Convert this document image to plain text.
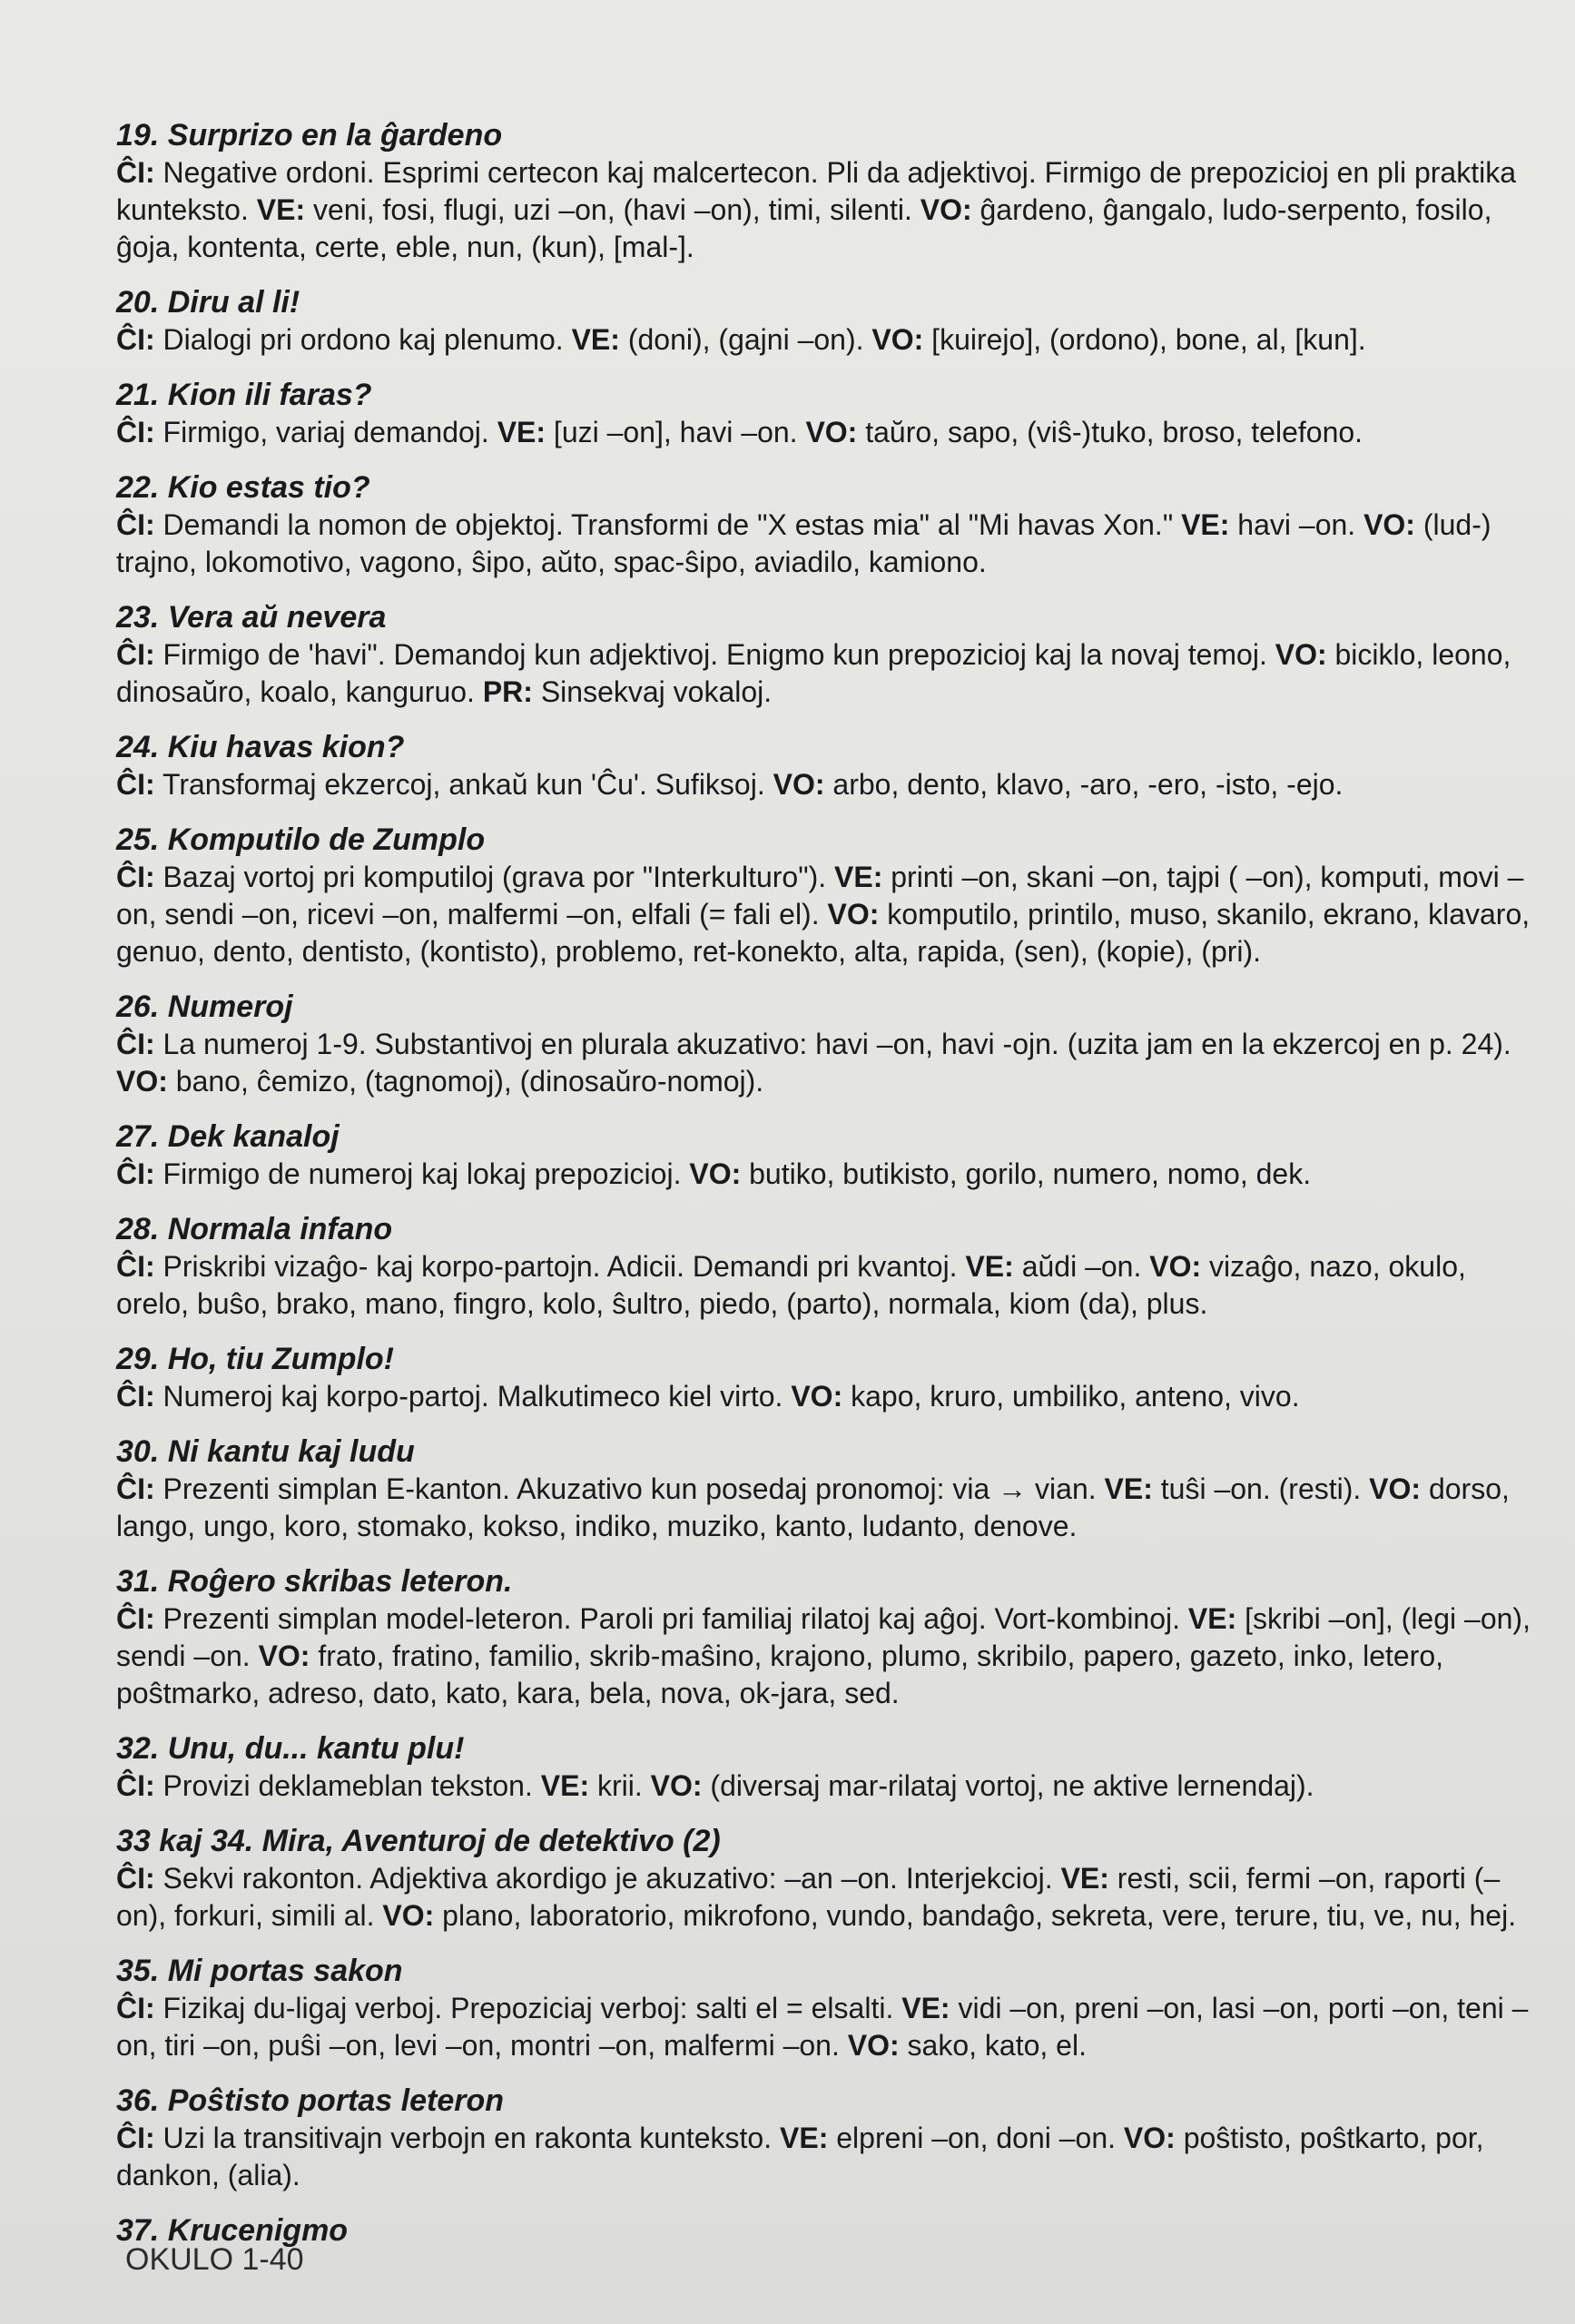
19. Surprizo en la ĝardeno

ĈI: Negative ordoni. Esprimi certecon kaj malcertecon. Pli da adjektivoj. Firmigo de prepozicioj en pli praktika kunteksto. VE: veni, fosi, flugi, uzi –on, (havi –on), timi, silenti. VO: ĝardeno, ĝangalo, ludo-serpento, fosilo, ĝoja, kontenta, certe, eble, nun, (kun), [mal-].

20. Diru al li!

ĈI: Dialogi pri ordono kaj plenumo. VE: (doni), (gajni –on). VO: [kuirejo], (ordono), bone, al, [kun].

21. Kion ili faras?

ĈI: Firmigo, variaj demandoj. VE: [uzi –on], havi –on. VO: taŭro, sapo, (viŝ-)tuko, broso, telefono.

22. Kio estas tio?

ĈI: Demandi la nomon de objektoj. Transformi de "X estas mia" al "Mi havas Xon." VE: havi –on. VO: (lud-) trajno, lokomotivo, vagono, ŝipo, aŭto, spac-ŝipo, aviadilo, kamiono.

23. Vera aŭ nevera

ĈI: Firmigo de 'havi". Demandoj kun adjektivoj. Enigmo kun prepozicioj kaj la novaj temoj. VO: biciklo, leono, dinosaŭro, koalo, kanguruo. PR: Sinsekvaj vokaloj.

24. Kiu havas kion?

ĈI: Transformaj ekzercoj, ankaŭ kun 'Ĉu'. Sufiksoj. VO: arbo, dento, klavo, -aro, -ero, -isto, -ejo.

25. Komputilo de Zumplo

ĈI: Bazaj vortoj pri komputiloj (grava por "Interkulturo"). VE: printi –on, skani –on, tajpi ( –on), komputi, movi –on, sendi –on, ricevi –on, malfermi –on, elfali (= fali el). VO: komputilo, printilo, muso, skanilo, ekrano, klavaro, genuo, dento, dentisto, (kontisto), problemo, ret-konekto, alta, rapida, (sen), (kopie), (pri).

26. Numeroj

ĈI: La numeroj 1-9. Substantivoj en plurala akuzativo: havi –on, havi -ojn. (uzita jam en la ekzercoj en p. 24). VO: bano, ĉemizo, (tagnomoj), (dinosaŭro-nomoj).

27. Dek kanaloj

ĈI: Firmigo de numeroj kaj lokaj prepozicioj. VO: butiko, butikisto, gorilo, numero, nomo, dek.

28. Normala infano

ĈI: Priskribi vizaĝo- kaj korpo-partojn. Adicii. Demandi pri kvantoj. VE: aŭdi –on. VO: vizaĝo, nazo, okulo, orelo, buŝo, brako, mano, fingro, kolo, ŝultro, piedo, (parto), normala, kiom (da), plus.

29. Ho, tiu Zumplo!

ĈI: Numeroj kaj korpo-partoj. Malkutimeco kiel virto. VO: kapo, kruro, umbiliko, anteno, vivo.

30. Ni kantu kaj ludu

ĈI: Prezenti simplan E-kanton. Akuzativo kun posedaj pronomoj: via → vian. VE: tuŝi –on. (resti). VO: dorso, lango, ungo, koro, stomako, kokso, indiko, muziko, kanto, ludanto, denove.

31. Roĝero skribas leteron.

ĈI: Prezenti simplan model-leteron. Paroli pri familiaj rilatoj kaj aĝoj. Vort-kombinoj. VE: [skribi –on], (legi –on), sendi –on. VO: frato, fratino, familio, skrib-maŝino, krajono, plumo, skribilo, papero, gazeto, inko, letero, poŝtmarko, adreso, dato, kato, kara, bela, nova, ok-jara, sed.

32. Unu, du... kantu plu!

ĈI: Provizi deklameblan tekston. VE: krii. VO: (diversaj mar-rilataj vortoj, ne aktive lernendaj).

33 kaj 34. Mira, Aventuroj de detektivo (2)

ĈI: Sekvi rakonton. Adjektiva akordigo je akuzativo: –an –on. Interjekcioj. VE: resti, scii, fermi –on, raporti (–on), forkuri, simili al. VO: plano, laboratorio, mikrofono, vundo, bandaĝo, sekreta, vere, terure, tiu, ve, nu, hej.

35. Mi portas sakon

ĈI: Fizikaj du-ligaj verboj. Prepoziciaj verboj: salti el = elsalti. VE: vidi –on, preni –on, lasi –on, porti –on, teni –on, tiri –on, puŝi –on, levi –on, montri –on, malfermi –on. VO: sako, kato, el.

36. Poŝtisto portas leteron

ĈI: Uzi la transitivajn verbojn en rakonta kunteksto. VE: elpreni –on, doni –on. VO: poŝtisto, poŝtkarto, por, dankon, (alia).

37. Krucenigmo

OKULO 1-40
